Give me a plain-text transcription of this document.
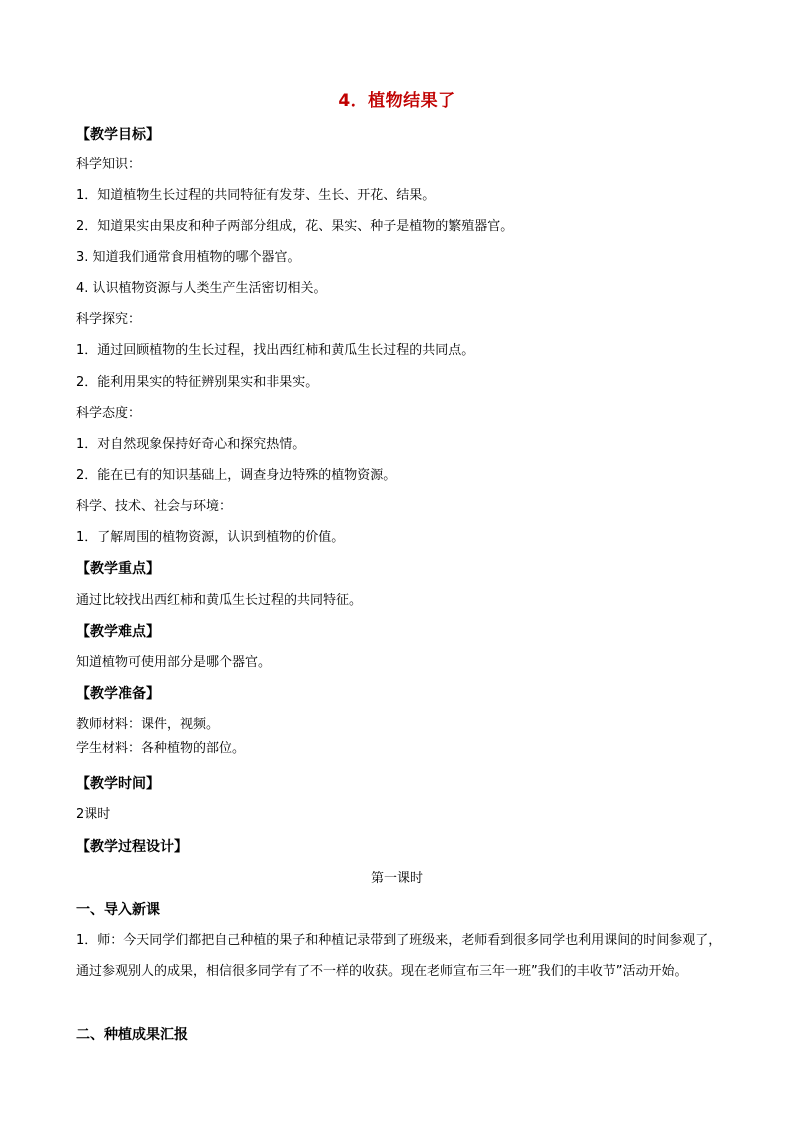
4．植物结果了
【教学目标】
科学知识：
1．知道植物生长过程的共同特征有发芽、生长、开花、结果。
2．知道果实由果皮和种子两部分组成，花、果实、种子是植物的繁殖器官。
3. 知道我们通常食用植物的哪个器官。
4. 认识植物资源与人类生产生活密切相关。
科学探究：
1．通过回顾植物的生长过程，找出西红柿和黄瓜生长过程的共同点。
2．能利用果实的特征辨别果实和非果实。
科学态度：
1．对自然现象保持好奇心和探究热情。
2．能在已有的知识基础上，调查身边特殊的植物资源。
科学、技术、社会与环境：
1．了解周围的植物资源，认识到植物的价值。
【教学重点】
通过比较找出西红柿和黄瓜生长过程的共同特征。
【教学难点】
知道植物可使用部分是哪个器官。
【教学准备】
教师材料：课件，视频。
学生材料：各种植物的部位。
【教学时间】
2课时
【教学过程设计】
第一课时
一、导入新课
1．师：今天同学们都把自己种植的果子和种植记录带到了班级来，老师看到很多同学也利用课间的时间参观了，通过参观别人的成果，相信很多同学有了不一样的收获。现在老师宣布三年一班”我们的丰收节”活动开始。
二、种植成果汇报
